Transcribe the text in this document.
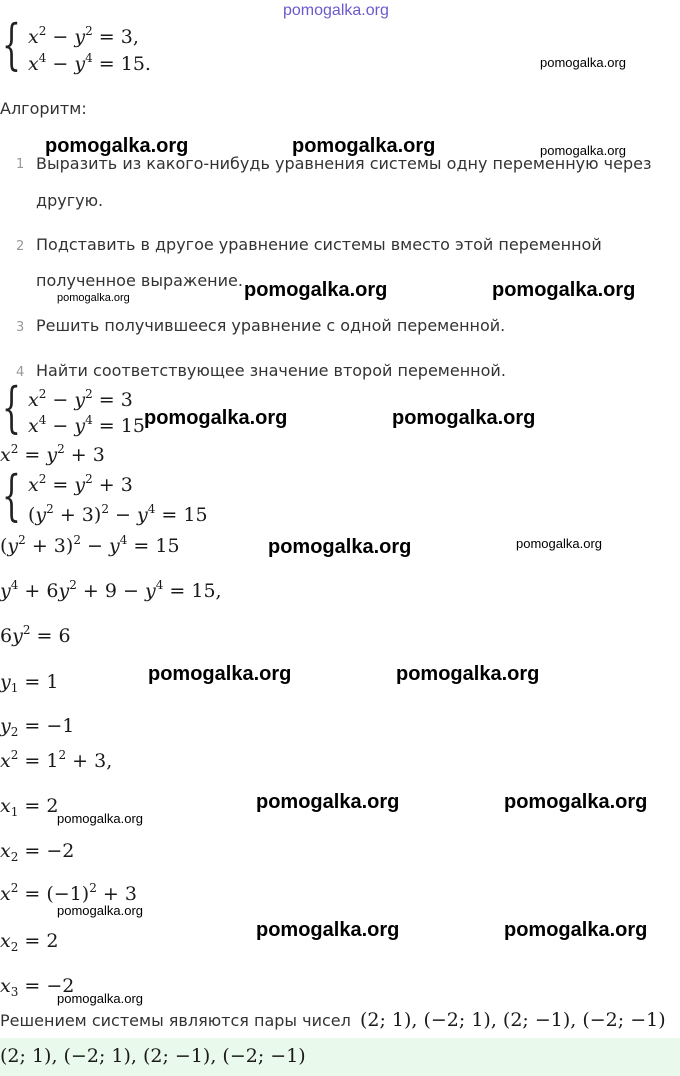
pomogalka.org
{ $x^2 - y^2 = 3$,
$x^4 - y^4 = 15$.	pomogalka.org
Алгоритм:
pomogalka.org	pomogalka.org	pomogalka.org
1 Выразить из какого-нибудь уравнения системы одну переменную через
другую.
2 Подставить в другое уравнение системы вместо этой переменной
полученное выражение.
3 Решить получившееся уравнение с одной переменной.
4 Найти соответствующее значение второй переменной.
pomogalka.org	pomogalka.org	pomogalka.org
{ $x^2 - y^2 = 3$
$x^4 - y^4 = 15$ pomogalka.org	pomogalka.org
$x^2 = y^2 + 3$
{ $x^2 = y^2 + 3$
$(y^2 + 3)^2 - y^4 = 15$
$(y^2 + 3)^2 - y^4 = 15$	pomogalka.org	pomogalka.org
$y^4 + 6y^2 + 9 - y^4 = 15$,
$6y^2 = 6$
$y_1 = 1$	pomogalka.org	pomogalka.org
$y_2 = -1$
$x^2 = 1^2 + 3$,
$x_1 = 2$
pomogalka.org
pomogalka.org	pomogalka.org
$x_2 = -2$
$x^2 = (-1)^2 + 3$
pomogalka.org
$x_2 = 2$	pomogalka.org	pomogalka.org
$x_3 = -2$
pomogalka.org
Решением системы являются пары чисел (2; 1), (−2; 1), (2; −1), (−2; −1)
(2; 1), (−2; 1), (2; −1), (−2; −1)
